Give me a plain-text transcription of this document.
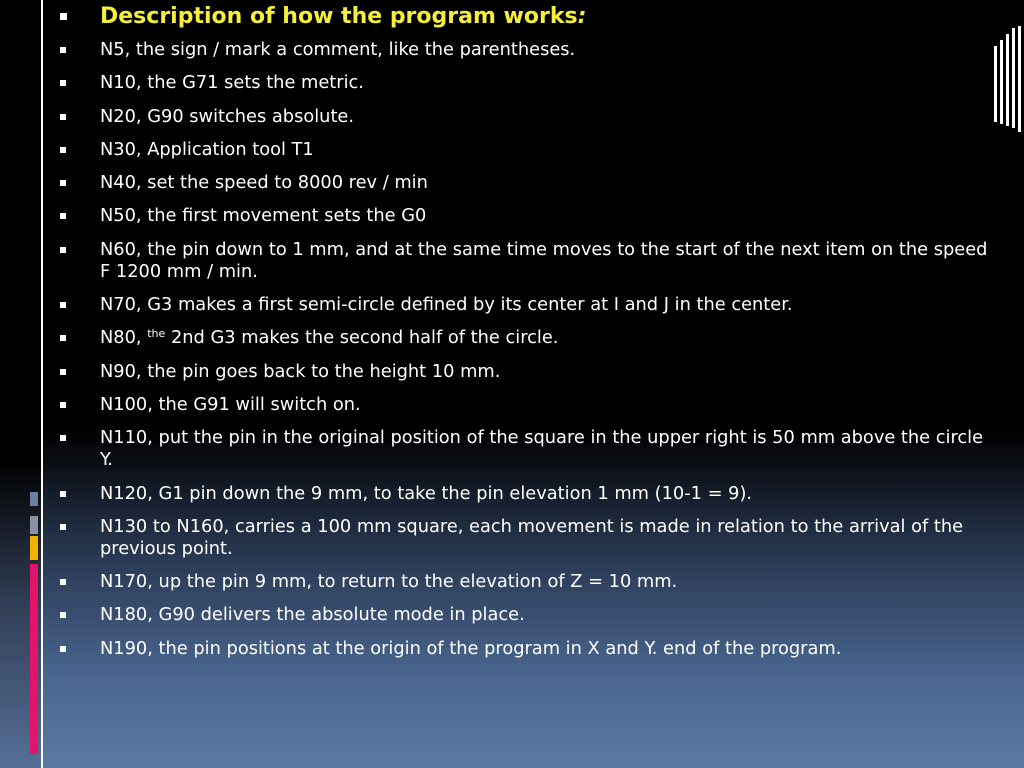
Description of how the program works:
N5, the sign / mark a comment, like the parentheses.
N10, the G71 sets the metric.
N20, G90 switches absolute.
N30, Application tool T1
N40, set the speed to 8000 rev / min
N50, the first movement sets the G0
N60, the pin down to 1 mm, and at the same time moves to the start of the next item on the speed F 1200 mm / min.
N70, G3 makes a first semi-circle defined by its center at I and J in the center.
N80, $^{the}$ 2nd G3 makes the second half of the circle.
N90, the pin goes back to the height 10 mm.
N100, the G91 will switch on.
N110, put the pin in the original position of the square in the upper right is 50 mm above the circle Y.
N120, G1 pin down the 9 mm, to take the pin elevation 1 mm (10-1 = 9).
N130 to N160, carries a 100 mm square, each movement is made in relation to the arrival of the previous point.
N170, up the pin 9 mm, to return to the elevation of Z = 10 mm.
N180, G90 delivers the absolute mode in place.
N190, the pin positions at the origin of the program in X and Y. end of the program.
